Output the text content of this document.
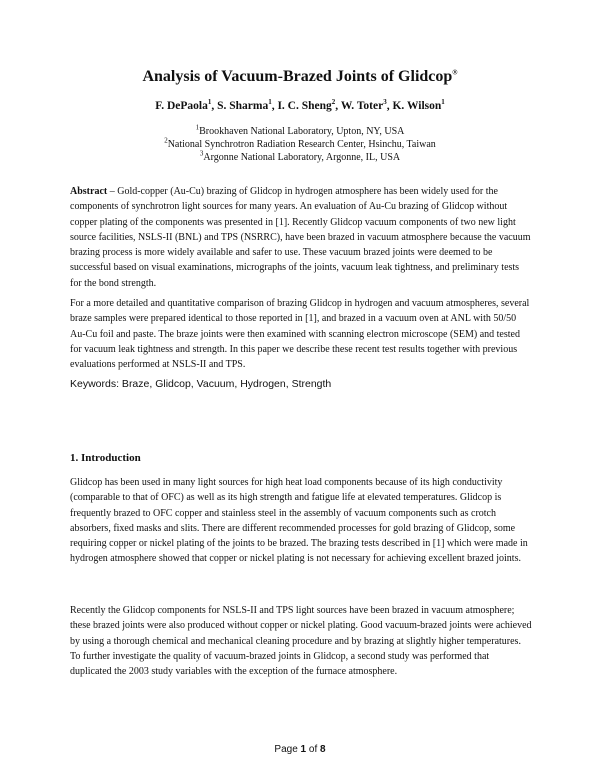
Analysis of Vacuum-Brazed Joints of Glidcop®
F. DePaola$^1$, S. Sharma$^1$, I. C. Sheng$^2$, W. Toter$^3$, K. Wilson$^1$
$^1$Brookhaven National Laboratory, Upton, NY, USA
$^2$National Synchrotron Radiation Research Center, Hsinchu, Taiwan
$^3$Argonne National Laboratory, Argonne, IL, USA

Abstract – Gold-copper (Au-Cu) brazing of Glidcop in hydrogen atmosphere has been widely used for the components of synchrotron light sources for many years. An evaluation of Au-Cu brazing of Glidcop without copper plating of the components was presented in [1]. Recently Glidcop vacuum components of two new light source facilities, NSLS-II (BNL) and TPS (NSRRC), have been brazed in vacuum atmosphere because the vacuum brazing process is more widely available and safer to use. These vacuum brazed joints were deemed to be successful based on visual examinations, micrographs of the joints, vacuum leak tightness, and preliminary tests for the bond strength.

For a more detailed and quantitative comparison of brazing Glidcop in hydrogen and vacuum atmospheres, several braze samples were prepared identical to those reported in [1], and brazed in a vacuum oven at ANL with 50/50 Au-Cu foil and paste. The braze joints were then examined with scanning electron microscope (SEM) and tested for vacuum leak tightness and strength. In this paper we describe these recent test results together with previous evaluations performed at NSLS-II and TPS.

Keywords: Braze, Glidcop, Vacuum, Hydrogen, Strength

1. Introduction

Glidcop has been used in many light sources for high heat load components because of its high conductivity (comparable to that of OFC) as well as its high strength and fatigue life at elevated temperatures. Glidcop is frequently brazed to OFC copper and stainless steel in the assembly of vacuum components such as crotch absorbers, fixed masks and slits. There are different recommended processes for gold brazing of Glidcop, some requiring copper or nickel plating of the joints to be brazed. The brazing tests described in [1] which were made in hydrogen atmosphere showed that copper or nickel plating is not necessary for achieving excellent brazed joints.

Recently the Glidcop components for NSLS-II and TPS light sources have been brazed in vacuum atmosphere; these brazed joints were also produced without copper or nickel plating. Good vacuum-brazed joints were achieved by using a thorough chemical and mechanical cleaning procedure and by brazing at slightly higher temperatures. To further investigate the quality of vacuum-brazed joints in Glidcop, a second study was performed that duplicated the 2003 study variables with the exception of the furnace atmosphere.

Page 1 of 8
